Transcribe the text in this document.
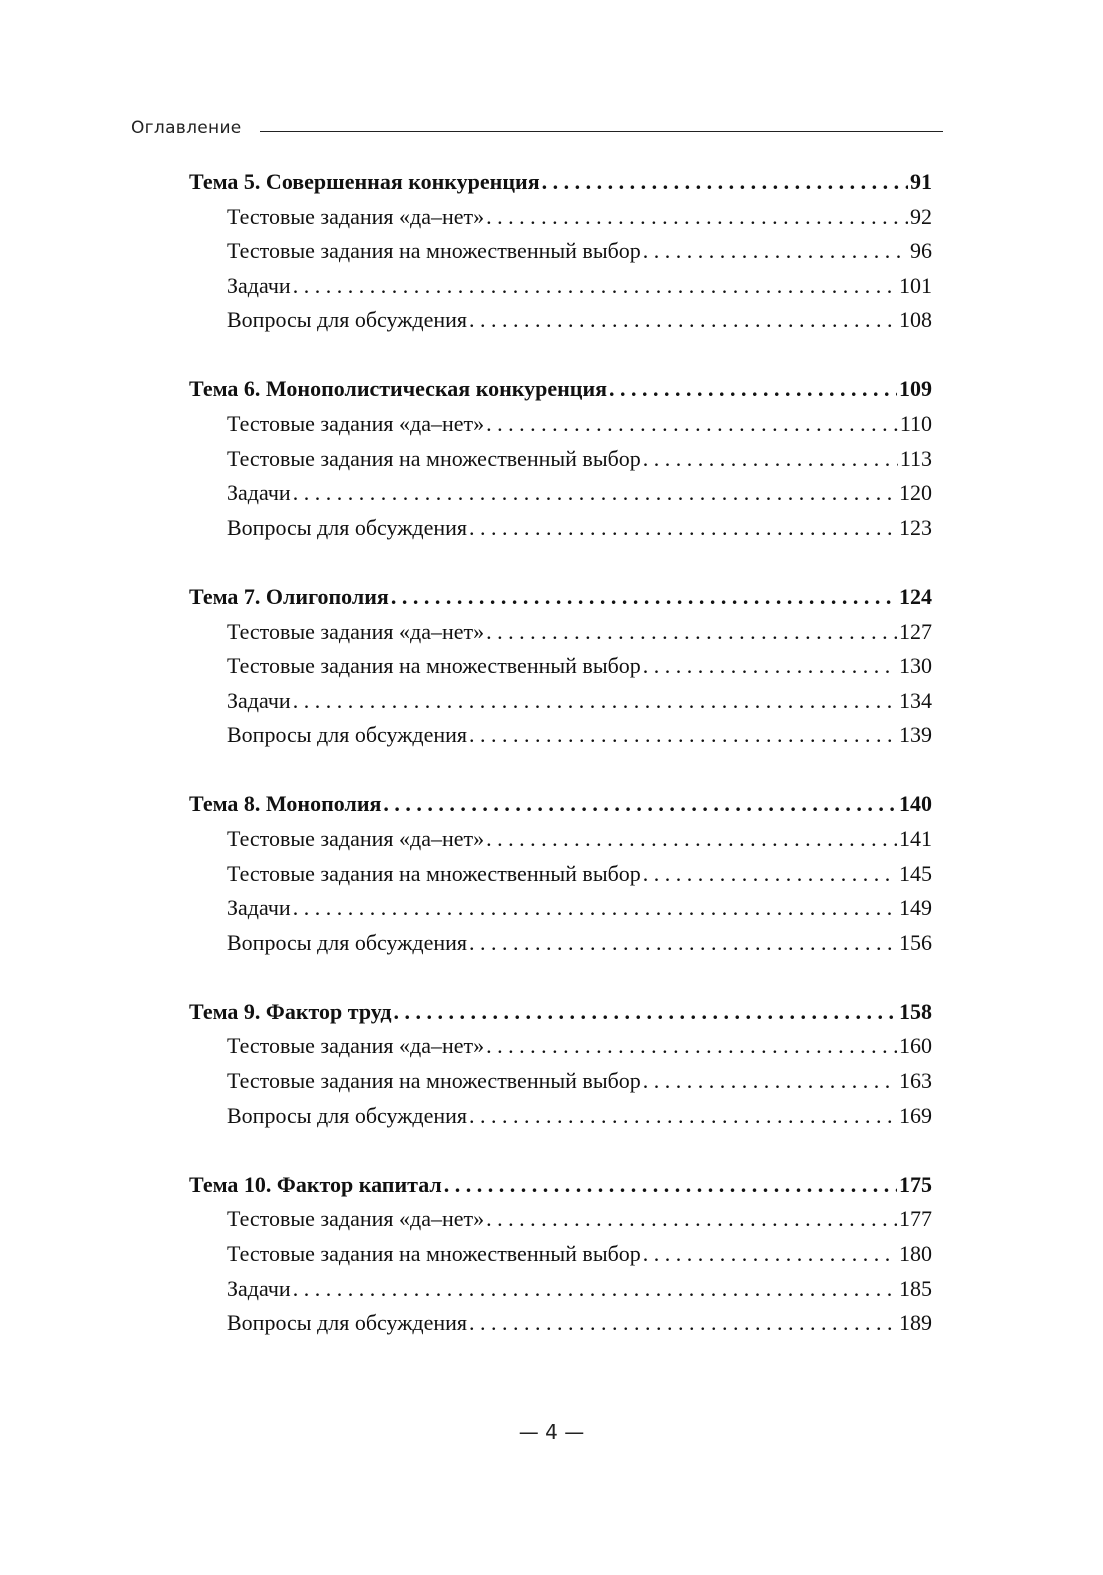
Оглавление
Тема 5. Совершенная конкуренция . . .	91
Тестовые задания «да–нет» . . .	92
Тестовые задания на множественный выбор . . .	96
Задачи . . .	101
Вопросы для обсуждения . . .	108
Тема 6. Монополистическая конкуренция . . .	109
Тестовые задания «да–нет» . . .	110
Тестовые задания на множественный выбор . . .	113
Задачи . . .	120
Вопросы для обсуждения . . .	123
Тема 7. Олигополия . . .	124
Тестовые задания «да–нет» . . .	127
Тестовые задания на множественный выбор . . .	130
Задачи . . .	134
Вопросы для обсуждения . . .	139
Тема 8. Монополия . . .	140
Тестовые задания «да–нет» . . .	141
Тестовые задания на множественный выбор . . .	145
Задачи . . .	149
Вопросы для обсуждения . . .	156
Тема 9. Фактор труд . . .	158
Тестовые задания «да–нет» . . .	160
Тестовые задания на множественный выбор . . .	163
Вопросы для обсуждения . . .	169
Тема 10. Фактор капитал . . .	175
Тестовые задания «да–нет» . . .	177
Тестовые задания на множественный выбор . . .	180
Задачи . . .	185
Вопросы для обсуждения . . .	189
— 4 —
